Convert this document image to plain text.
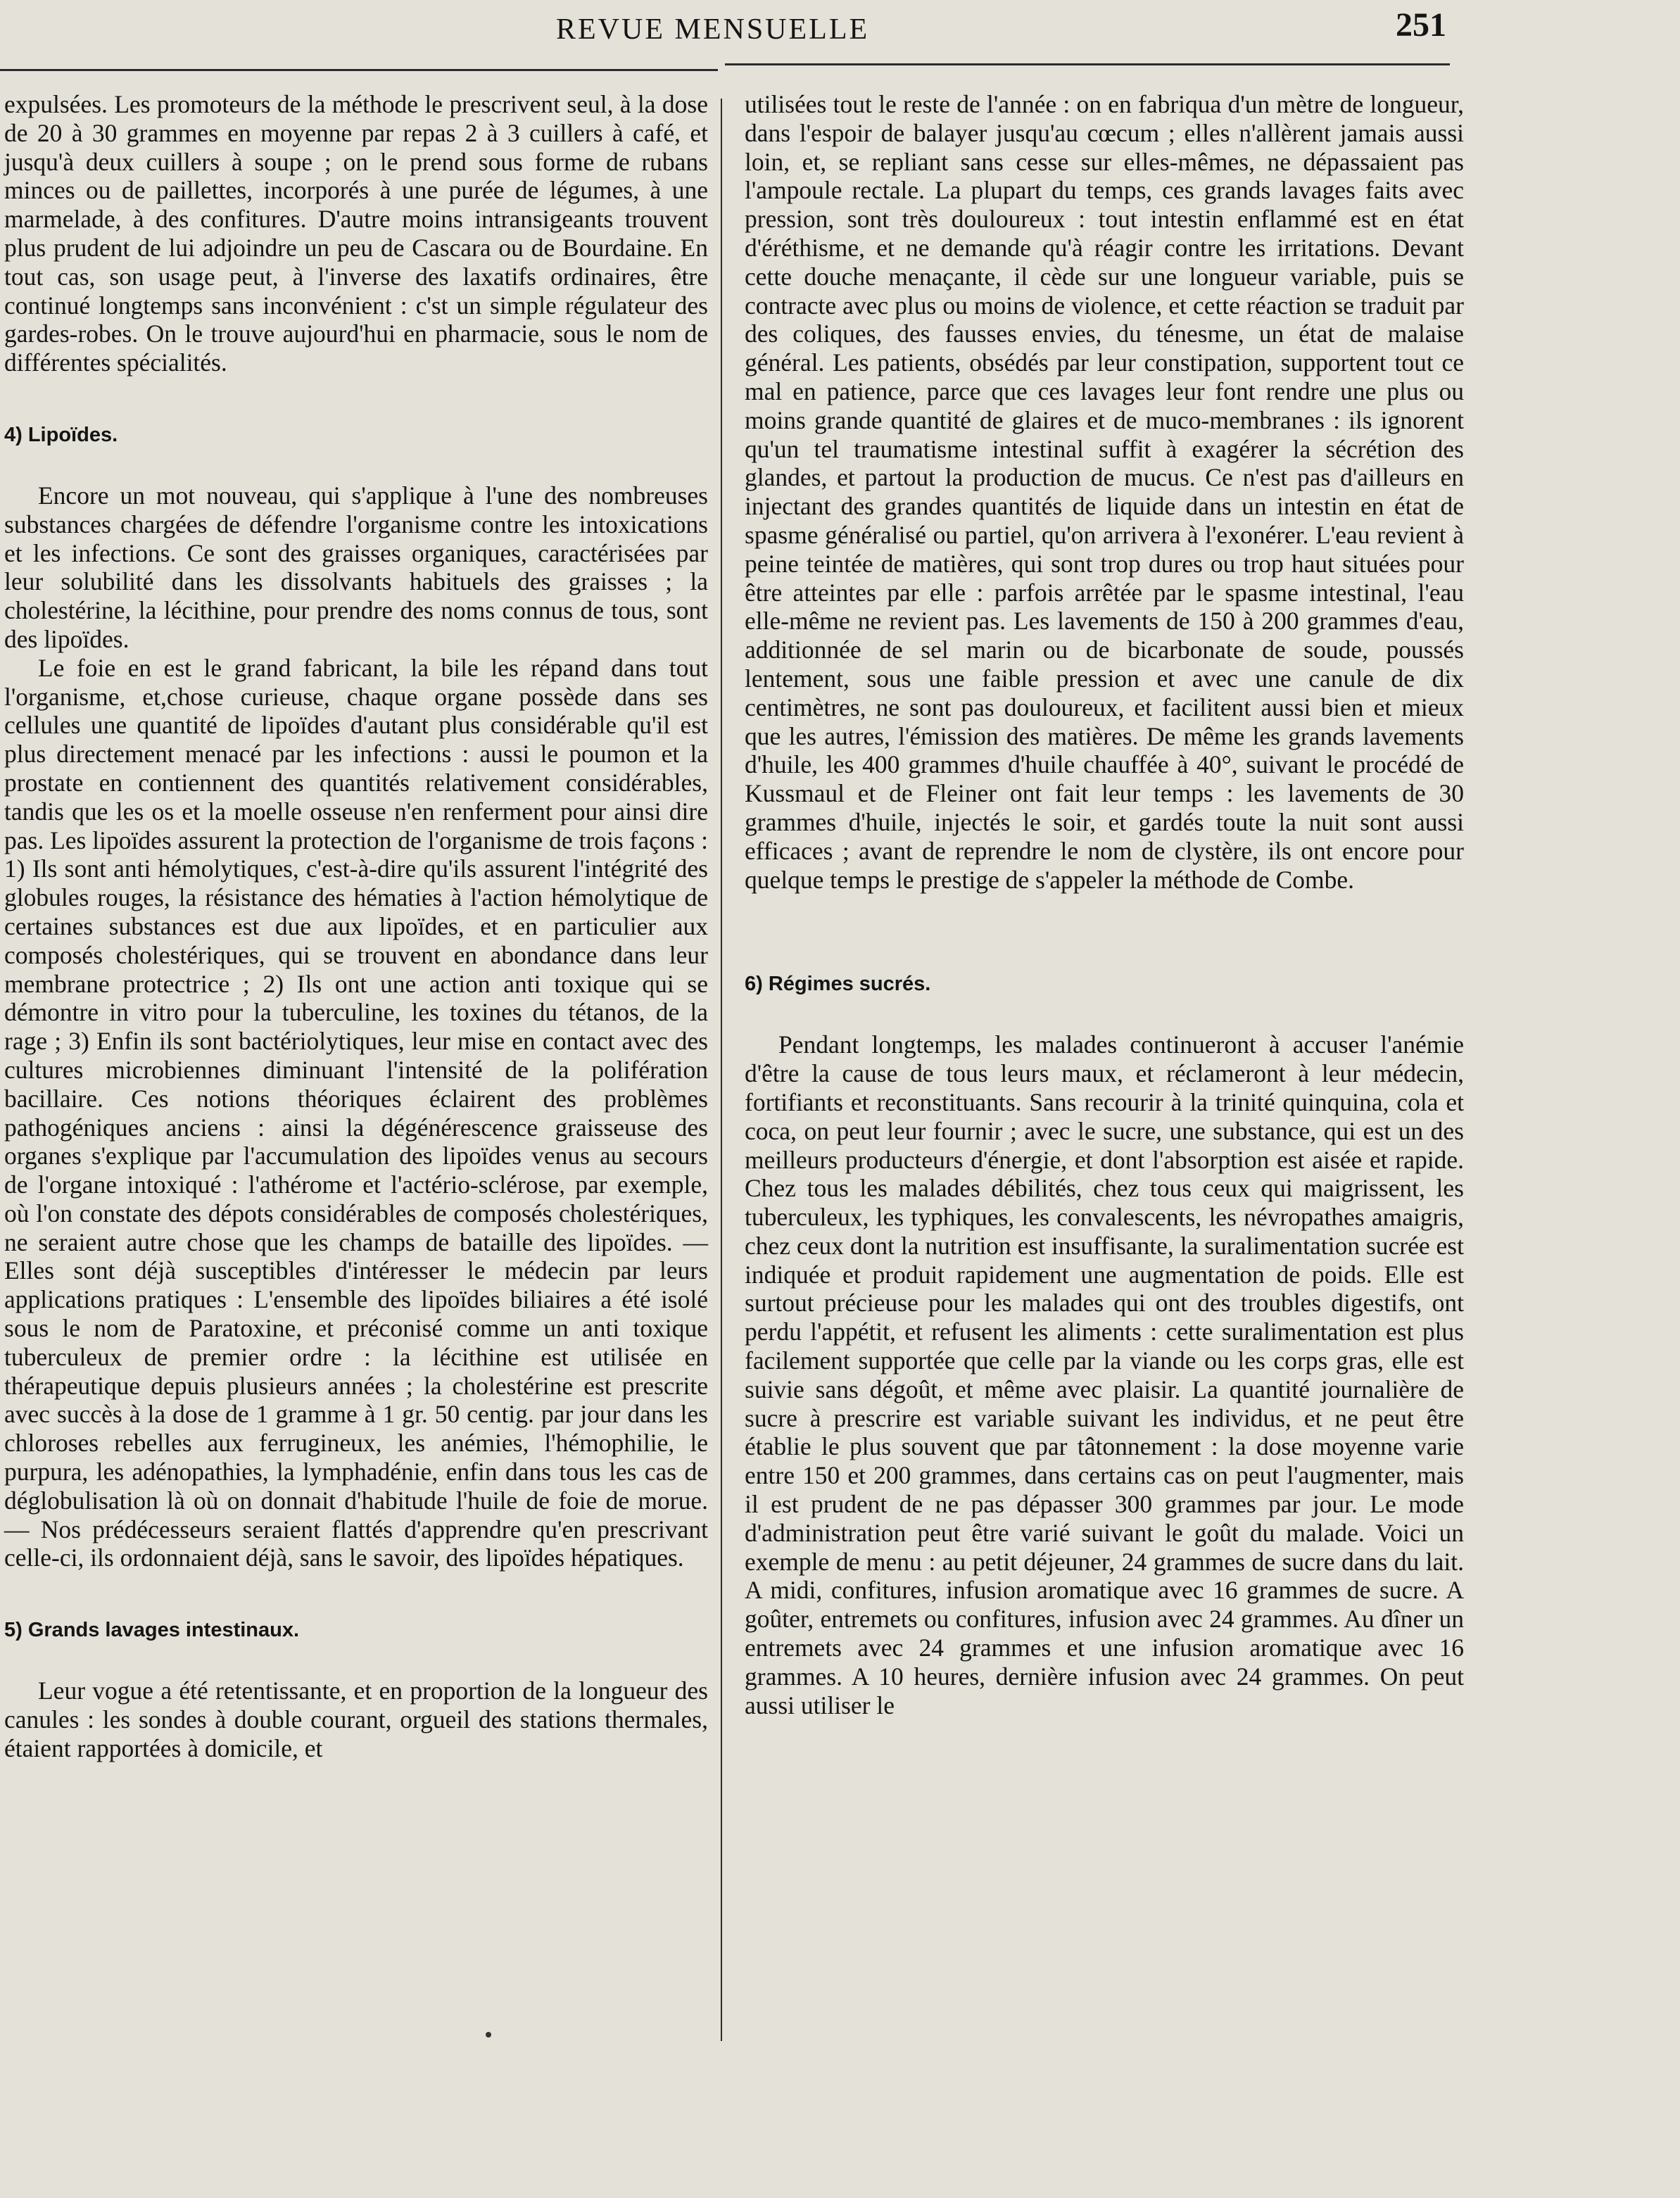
REVUE MENSUELLE	251

expulsées. Les promoteurs de la méthode le prescrivent seul, à la dose de 20 à 30 grammes en moyenne par repas 2 à 3 cuillers à café, et jusqu'à deux cuillers à soupe ; on le prend sous forme de rubans minces ou de paillettes, incorporés à une purée de légumes, à une marmelade, à des confitures. D'autre moins intransigeants trouvent plus prudent de lui adjoindre un peu de Cascara ou de Bourdaine. En tout cas, son usage peut, à l'inverse des laxatifs ordinaires, être continué longtemps sans inconvénient : c'st un simple régulateur des gardes-robes. On le trouve aujourd'hui en pharmacie, sous le nom de différentes spécialités.

4) Lipoïdes.

Encore un mot nouveau, qui s'applique à l'une des nombreuses substances chargées de défendre l'organisme contre les intoxications et les infections. Ce sont des graisses organiques, caractérisées par leur solubilité dans les dissolvants habituels des graisses ; la cholestérine, la lécithine, pour prendre des noms connus de tous, sont des lipoïdes.

Le foie en est le grand fabricant, la bile les répand dans tout l'organisme, et,chose curieuse, chaque organe possède dans ses cellules une quantité de lipoïdes d'autant plus considérable qu'il est plus directement menacé par les infections : aussi le poumon et la prostate en contiennent des quantités relativement considérables, tandis que les os et la moelle osseuse n'en renferment pour ainsi dire pas. Les lipoïdes assurent la protection de l'organisme de trois façons : 1) Ils sont anti hémolytiques, c'est-à-dire qu'ils assurent l'intégrité des globules rouges, la résistance des hématies à l'action hémolytique de certaines substances est due aux lipoïdes, et en particulier aux composés cholestériques, qui se trouvent en abondance dans leur membrane protectrice ; 2) Ils ont une action anti toxique qui se démontre in vitro pour la tuberculine, les toxines du tétanos, de la rage ; 3) Enfin ils sont bactériolytiques, leur mise en contact avec des cultures microbiennes diminuant l'intensité de la polifération bacillaire. Ces notions théoriques éclairent des problèmes pathogéniques anciens : ainsi la dégénérescence graisseuse des organes s'explique par l'accumulation des lipoïdes venus au secours de l'organe intoxiqué : l'athérome et l'actério-sclérose, par exemple, où l'on constate des dépots considérables de composés cholestériques, ne seraient autre chose que les champs de bataille des lipoïdes. — Elles sont déjà susceptibles d'intéresser le médecin par leurs applications pratiques : L'ensemble des lipoïdes biliaires a été isolé sous le nom de Paratoxine, et préconisé comme un anti toxique tuberculeux de premier ordre : la lécithine est utilisée en thérapeutique depuis plusieurs années ; la cholestérine est prescrite avec succès à la dose de 1 gramme à 1 gr. 50 centig. par jour dans les chloroses rebelles aux ferrugineux, les anémies, l'hémophilie, le purpura, les adénopathies, la lymphadénie, enfin dans tous les cas de déglobulisation là où on donnait d'habitude l'huile de foie de morue. — Nos prédécesseurs seraient flattés d'apprendre qu'en prescrivant celle-ci, ils ordonnaient déjà, sans le savoir, des lipoïdes hépatiques.

5) Grands lavages intestinaux.

Leur vogue a été retentissante, et en proportion de la longueur des canules : les sondes à double courant, orgueil des stations thermales, étaient rapportées à domicile, et

utilisées tout le reste de l'année : on en fabriqua d'un mètre de longueur, dans l'espoir de balayer jusqu'au cœcum ; elles n'allèrent jamais aussi loin, et, se repliant sans cesse sur elles-mêmes, ne dépassaient pas l'ampoule rectale. La plupart du temps, ces grands lavages faits avec pression, sont très douloureux : tout intestin enflammé est en état d'éréthisme, et ne demande qu'à réagir contre les irritations. Devant cette douche menaçante, il cède sur une longueur variable, puis se contracte avec plus ou moins de violence, et cette réaction se traduit par des coliques, des fausses envies, du ténesme, un état de malaise général. Les patients, obsédés par leur constipation, supportent tout ce mal en patience, parce que ces lavages leur font rendre une plus ou moins grande quantité de glaires et de muco-membranes : ils ignorent qu'un tel traumatisme intestinal suffit à exagérer la sécrétion des glandes, et partout la production de mucus. Ce n'est pas d'ailleurs en injectant des grandes quantités de liquide dans un intestin en état de spasme généralisé ou partiel, qu'on arrivera à l'exonérer. L'eau revient à peine teintée de matières, qui sont trop dures ou trop haut situées pour être atteintes par elle : parfois arrêtée par le spasme intestinal, l'eau elle-même ne revient pas. Les lavements de 150 à 200 grammes d'eau, additionnée de sel marin ou de bicarbonate de soude, poussés lentement, sous une faible pression et avec une canule de dix centimètres, ne sont pas douloureux, et facilitent aussi bien et mieux que les autres, l'émission des matières. De même les grands lavements d'huile, les 400 grammes d'huile chauffée à 40°, suivant le procédé de Kussmaul et de Fleiner ont fait leur temps : les lavements de 30 grammes d'huile, injectés le soir, et gardés toute la nuit sont aussi efficaces ; avant de reprendre le nom de clystère, ils ont encore pour quelque temps le prestige de s'appeler la méthode de Combe.

6) Régimes sucrés.

Pendant longtemps, les malades continueront à accuser l'anémie d'être la cause de tous leurs maux, et réclameront à leur médecin, fortifiants et reconstituants. Sans recourir à la trinité quinquina, cola et coca, on peut leur fournir ; avec le sucre, une substance, qui est un des meilleurs producteurs d'énergie, et dont l'absorption est aisée et rapide. Chez tous les malades débilités, chez tous ceux qui maigrissent, les tuberculeux, les typhiques, les convalescents, les névropathes amaigris, chez ceux dont la nutrition est insuffisante, la suralimentation sucrée est indiquée et produit rapidement une augmentation de poids. Elle est surtout précieuse pour les malades qui ont des troubles digestifs, ont perdu l'appétit, et refusent les aliments : cette suralimentation est plus facilement supportée que celle par la viande ou les corps gras, elle est suivie sans dégoût, et même avec plaisir. La quantité journalière de sucre à prescrire est variable suivant les individus, et ne peut être établie le plus souvent que par tâtonnement : la dose moyenne varie entre 150 et 200 grammes, dans certains cas on peut l'augmenter, mais il est prudent de ne pas dépasser 300 grammes par jour. Le mode d'administration peut être varié suivant le goût du malade. Voici un exemple de menu : au petit déjeuner, 24 grammes de sucre dans du lait. A midi, confitures, infusion aromatique avec 16 grammes de sucre. A goûter, entremets ou confitures, infusion avec 24 grammes. Au dîner un entremets avec 24 grammes et une infusion aromatique avec 16 grammes. A 10 heures, dernière infusion avec 24 grammes. On peut aussi utiliser le
